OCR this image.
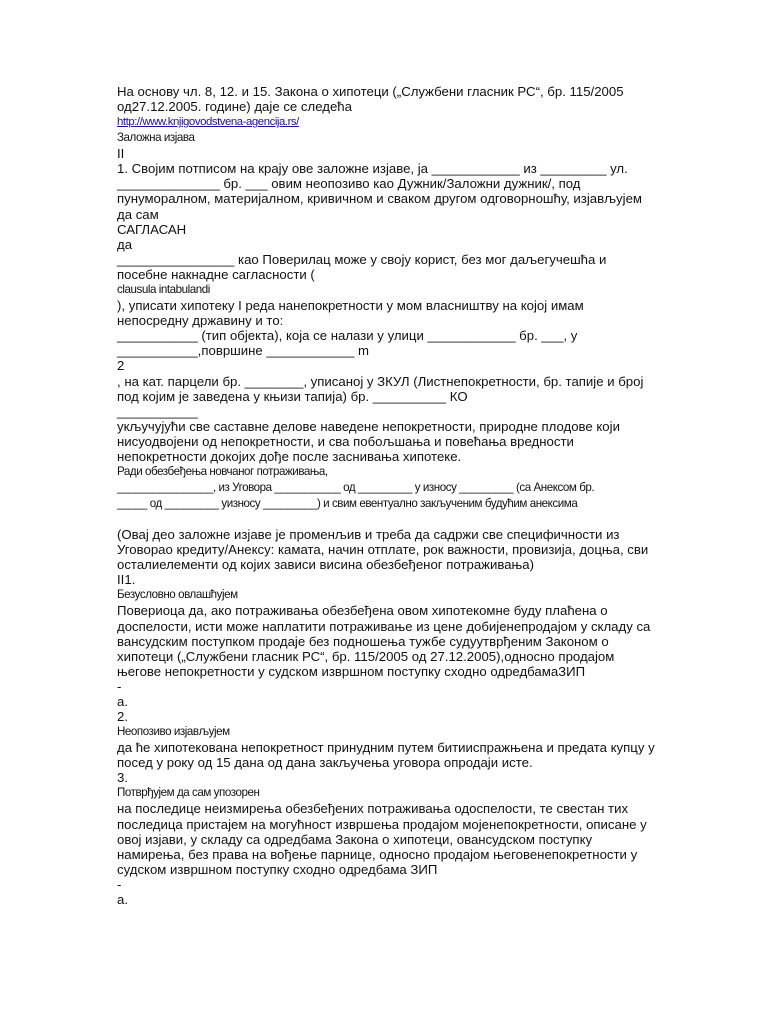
На основу чл. 8, 12. и 15. Закона о хипотеци („Службени гласник РС“, бр. 115/2005
од27.12.2005. године) даје се следећа
http://www.knjigovodstvena-agencija.rs/
Заложна изјава
II
1. Својим потписом на крају ове заложне изјаве, ја ____________ из _________ ул.
______________ бр. ___ овим неопозиво као Дужник/Заложни дужник/, под
пунуморалном, материјалном, кривичном и сваком другом одговорношћу, изјављујем
да сам
САГЛАСАН
да
________________ као Поверилац може у своју корист, без мог даљегучешћа и
посебне накнадне сагласности (
clausula intabulandi
), уписати хипотеку I реда нанепокретности у мом власништву на којој имам
непосредну државину и то:
___________ (тип објекта), која се налази у улици ____________ бр. ___, у
___________,површине ____________ m
2
, на кат. парцели бр. ________, уписаној у ЗКУЛ (Листнепокретности, бр. тапије и број
под којим је заведена у књизи тапија) бр. __________ КО
___________
укључујући све саставне делове наведене непокретности, природне плодове који
нисуодвојени од непокретности, и сва побољшања и повећања вредности
непокретности докојих дође после заснивања хипотеке.
Ради обезбеђења новчаног потраживања,
________________, из Уговора ___________ од _________ у износу _________ (са Анексом бр.
_____ од _________ уизносу _________) и свим евентуално закљученим будућим анексима
(Овај део заложне изјаве је променљив и треба да садржи све специфичности из
Уговорао кредиту/Анексу: камата, начин отплате, рок важности, провизија, доцња, сви
осталиелементи од којих зависи висина обезбеђеног потраживања)
II1.
Безусловно овлашћујем
Повериоца да, ако потраживања обезбеђена овом хипотекомне буду плаћена о
доспелости, исти може наплатити потраживање из цене добијенепродајом у складу са
вансудским поступком продаје без подношења тужбе судуутврђеним Законом о
хипотеци („Службени гласник РС“, бр. 115/2005 од 27.12.2005),односно продајом
његове непокретности у судском извршном поступку сходно одредбамаЗИП
-
а.
2.
Неопозиво изјављујем
да ће хипотекована непокретност принудним путем битииспражњена и предата купцу у
посед у року од 15 дана од дана закључења уговора опродаји исте.
3.
Потврђујем да сам упозорен
на последице неизмирења обезбеђених потраживања одоспелости, те свестан тих
последица пристајем на могућност извршења продајом мојенепокретности, описане у
овој изјави, у складу са одредбама Закона о хипотеци, овансудском поступку
намирења, без права на вођење парнице, односно продајом његовенепокретности у
судском извршном поступку сходно одредбама ЗИП
-
а.
